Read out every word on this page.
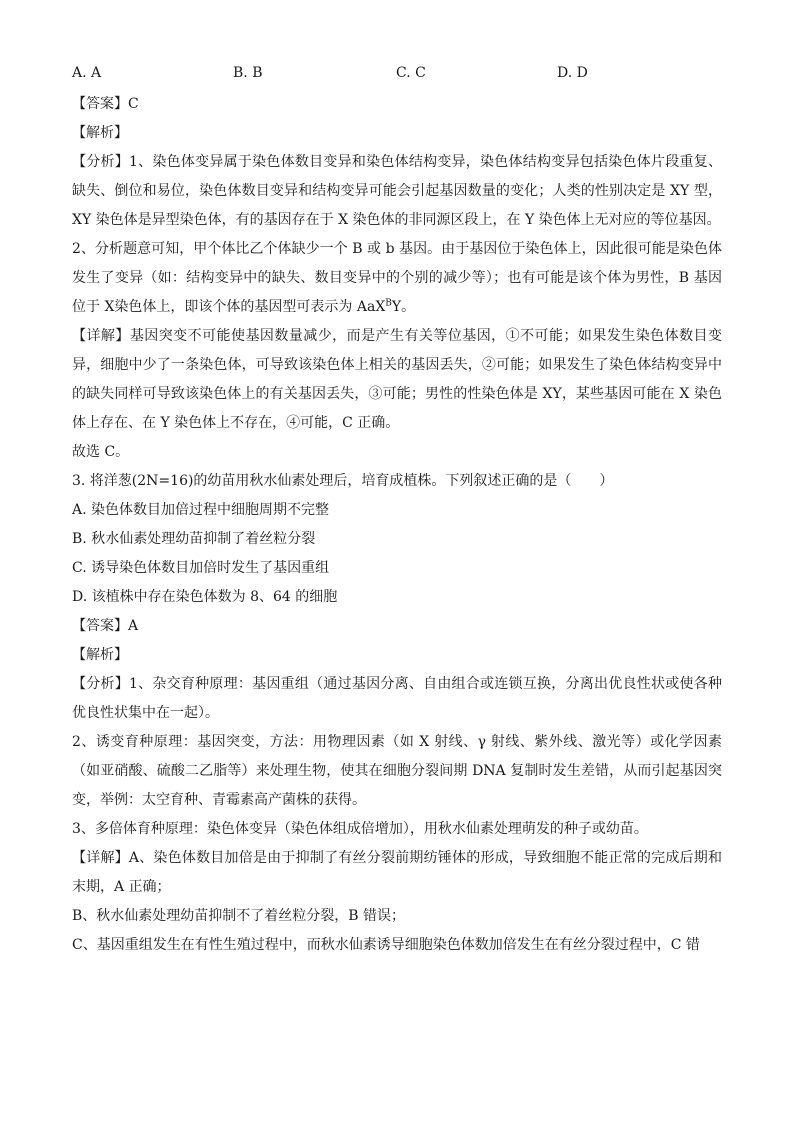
A. A	B. B	C. C	D. D

【答案】C

【解析】

【分析】1、染色体变异属于染色体数目变异和染色体结构变异，染色体结构变异包括染色体片段重复、缺失、倒位和易位，染色体数目变异和结构变异可能会引起基因数量的变化；人类的性别决定是 XY 型，XY 染色体是异型染色体，有的基因存在于 X 染色体的非同源区段上，在 Y 染色体上无对应的等位基因。

2、分析题意可知，甲个体比乙个体缺少一个 B 或 b 基因。由于基因位于染色体上，因此很可能是染色体发生了变异（如：结构变异中的缺失、数目变异中的个别的减少等）；也有可能是该个体为男性，B 基因位于 X染色体上，即该个体的基因型可表示为 AaX$^B$Y。

【详解】基因突变不可能使基因数量减少，而是产生有关等位基因，①不可能；如果发生染色体数目变异，细胞中少了一条染色体，可导致该染色体上相关的基因丢失，②可能；如果发生了染色体结构变异中的缺失同样可导致该染色体上的有关基因丢失，③可能；男性的性染色体是 XY，某些基因可能在 X 染色体上存在、在 Y 染色体上不存在，④可能，C 正确。

故选 C。

3. 将洋葱(2N=16)的幼苗用秋水仙素处理后，培育成植株。下列叙述正确的是（　　）

A. 染色体数目加倍过程中细胞周期不完整

B. 秋水仙素处理幼苗抑制了着丝粒分裂

C. 诱导染色体数目加倍时发生了基因重组

D. 该植株中存在染色体数为 8、64 的细胞

【答案】A

【解析】

【分析】1、杂交育种原理：基因重组（通过基因分离、自由组合或连锁互换，分离出优良性状或使各种优良性状集中在一起）。

2、诱变育种原理：基因突变，方法：用物理因素（如 X 射线、γ 射线、紫外线、激光等）或化学因素（如亚硝酸、硫酸二乙脂等）来处理生物，使其在细胞分裂间期 DNA 复制时发生差错，从而引起基因突变，举例：太空育种、青霉素高产菌株的获得。

3、多倍体育种原理：染色体变异（染色体组成倍增加），用秋水仙素处理萌发的种子或幼苗。

【详解】A、染色体数目加倍是由于抑制了有丝分裂前期纺锤体的形成，导致细胞不能正常的完成后期和末期，A 正确；

B、秋水仙素处理幼苗抑制不了着丝粒分裂，B 错误；

C、基因重组发生在有性生殖过程中，而秋水仙素诱导细胞染色体数加倍发生在有丝分裂过程中，C 错
